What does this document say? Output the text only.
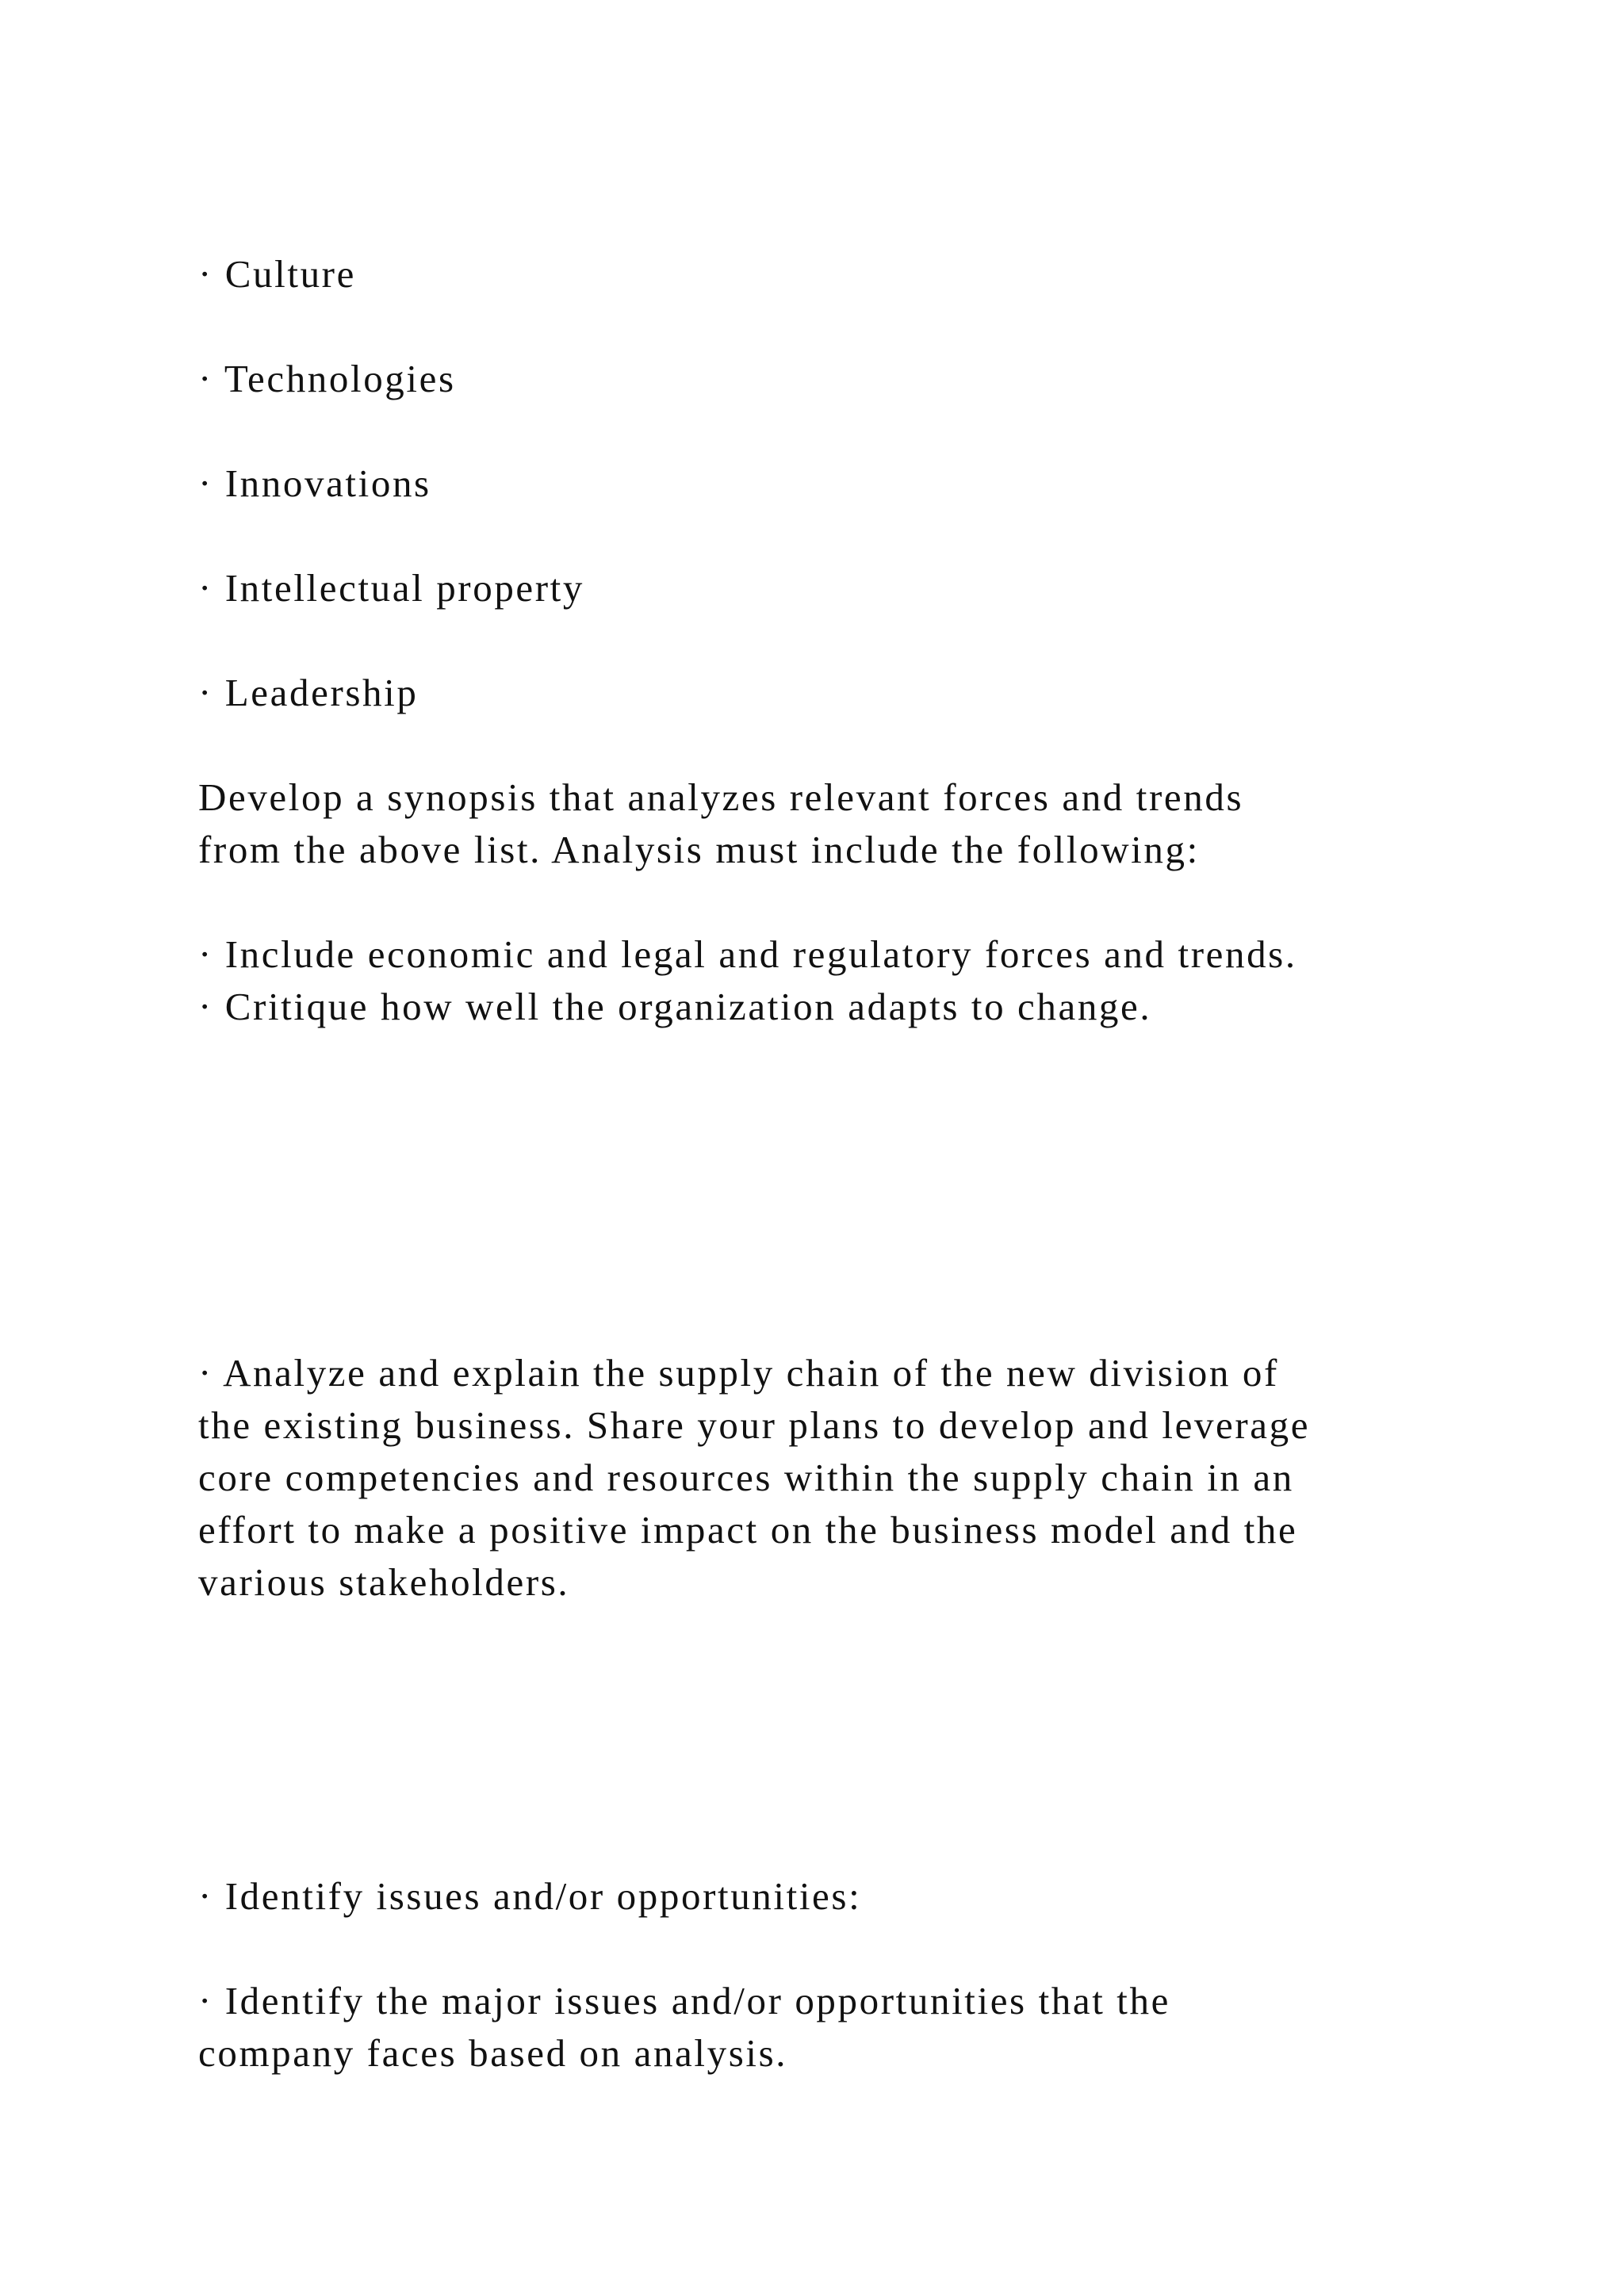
· Culture

· Technologies

· Innovations

· Intellectual property

· Leadership

Develop a synopsis that analyzes relevant forces and trends

from the above list. Analysis must include the following:

· Include economic and legal and regulatory forces and trends.

· Critique how well the organization adapts to change.

· Analyze and explain the supply chain of the new division of

the existing business. Share your plans to develop and leverage

core competencies and resources within the supply chain in an

effort to make a positive impact on the business model and the

various stakeholders.

· Identify issues and/or opportunities:

· Identify the major issues and/or opportunities that the

company faces based on analysis.
